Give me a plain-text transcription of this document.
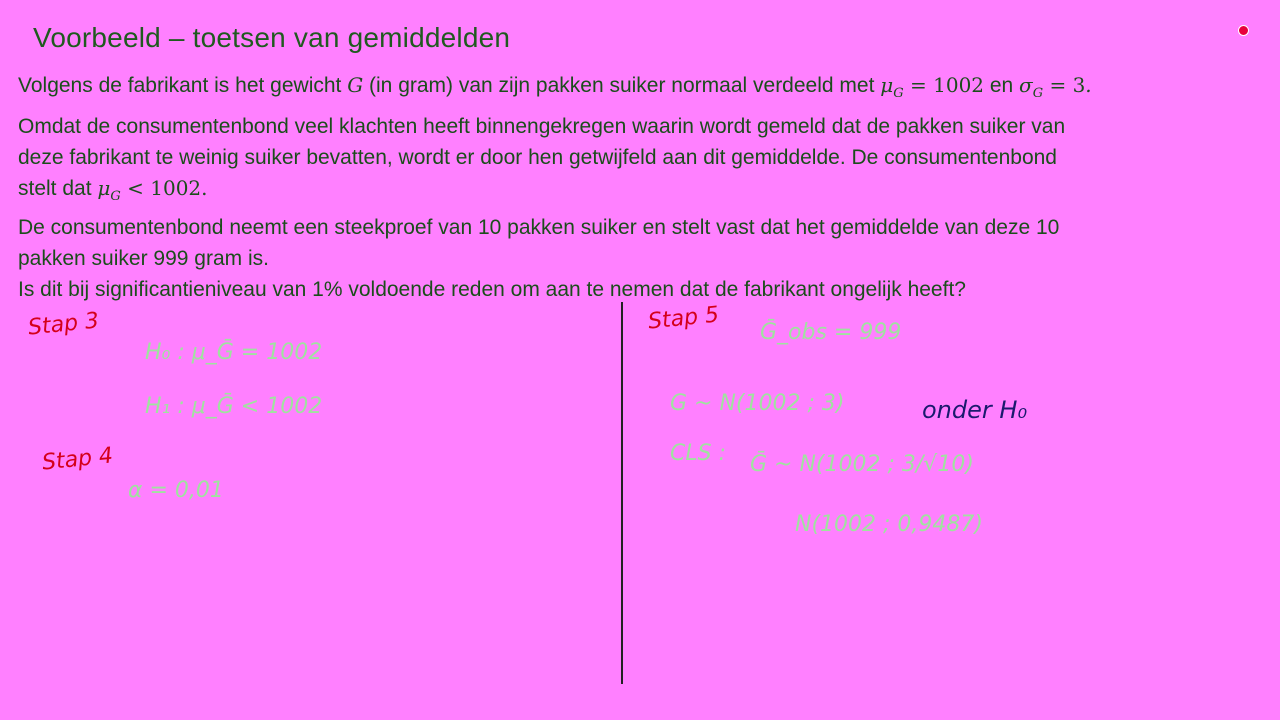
Voorbeeld – toetsen van gemiddelden
Volgens de fabrikant is het gewicht G (in gram) van zijn pakken suiker normaal verdeeld met $\mu_G = 1002$ en $\sigma_G = 3$.
Omdat de consumentenbond veel klachten heeft binnengekregen waarin wordt gemeld dat de pakken suiker van
deze fabrikant te weinig suiker bevatten, wordt er door hen getwijfeld aan dit gemiddelde. De consumentenbond
stelt dat $\mu_G < 1002$.
De consumentenbond neemt een steekproef van 10 pakken suiker en stelt vast dat het gemiddelde van deze 10
pakken suiker 999 gram is.
Is dit bij significantieniveau van 1% voldoende reden om aan te nemen dat de fabrikant ongelijk heeft?
Stap 3
H₀ : μ_Ḡ = 1002
H₁ : μ_Ḡ < 1002
Stap 4
α = 0,01
Stap 5 Ḡ_obs = 999
G ~ N(1002 ; 3)	onder H₀
CLS : Ḡ ~ N(1002 ; 3/√10)
N(1002 ; 0,9487)
